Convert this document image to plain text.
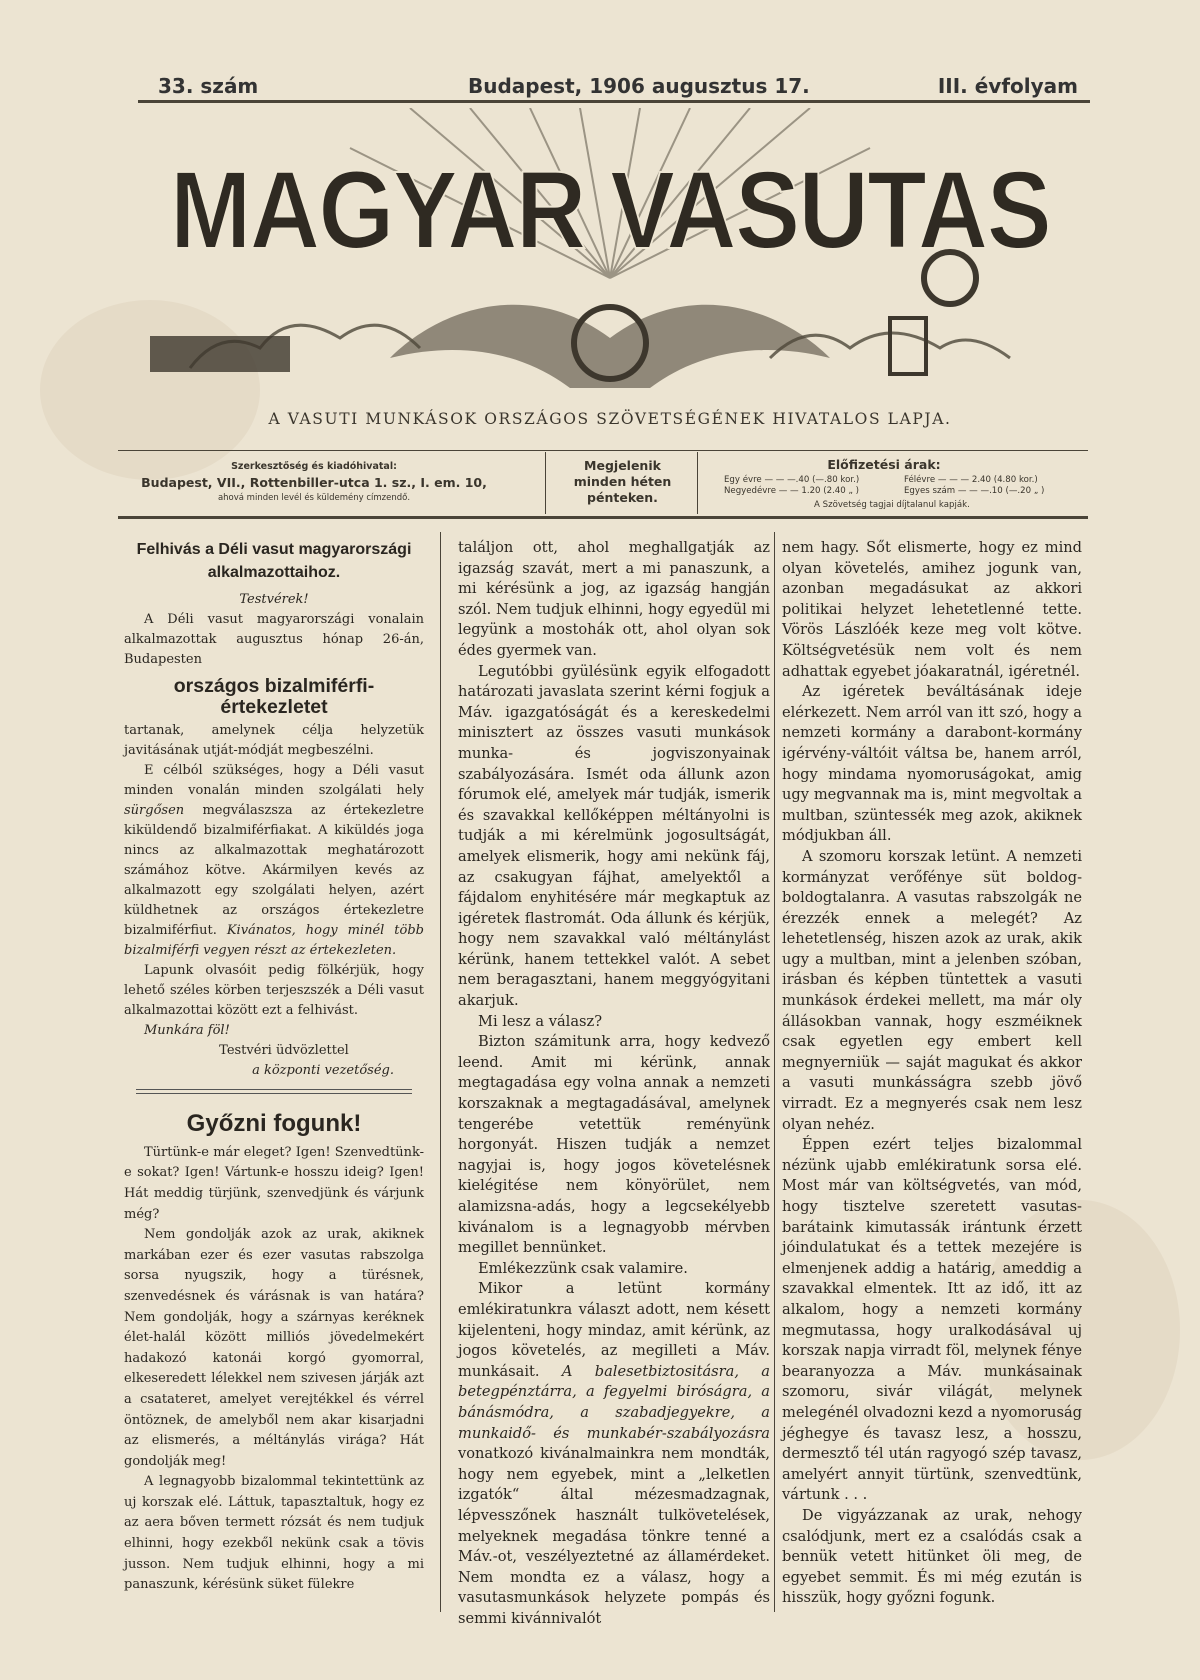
33. szám	Budapest, 1906 augusztus 17.	III. évfolyam
MAGYAR VASUTAS
A VASUTI MUNKÁSOK ORSZÁGOS SZÖVETSÉGÉNEK HIVATALOS LAPJA.
Szerkesztőség és kiadóhivatal:
Budapest, VII., Rottenbiller-utca 1. sz., I. em. 10,
ahová minden levél és küldemény címzendő.
Megjelenik
minden héten
pénteken.
Előfizetési árak:
Egy évre — — —.40 (—.80 kor.)
Negyedévre — — 1.20 (2.40 „ )
Félévre — — — 2.40 (4.80 kor.)
Egyes szám — — —.10 (—.20 „ )
A Szövetség tagjai díjtalanul kapják.
Felhivás a Déli vasut magyarországi alkalmazottaihoz.

Testvérek!

A Déli vasut magyarországi vonalain alkalmazottak augusztus hónap 26-án, Budapesten

országos bizalmiférfi-értekezletet

tartanak, amelynek célja helyzetük javitásának utját-módját megbeszélni.

E célból szükséges, hogy a Déli vasut minden vonalán minden szolgálati hely sürgősen megválaszsza az értekezletre kiküldendő bizalmiférfiakat. A kiküldés joga nincs az alkalmazottak meghatározott számához kötve. Akármilyen kevés az alkalmazott egy szolgálati helyen, azért küldhetnek az országos értekezletre bizalmiférfiut. Kivánatos, hogy minél több bizalmiférfi vegyen részt az értekezleten.

Lapunk olvasóit pedig fölkérjük, hogy lehető széles körben terjeszszék a Déli vasut alkalmazottai között ezt a felhivást.

Munkára föl!

Testvéri üdvözlettel

a központi vezetőség.

Győzni fogunk!

Türtünk-e már eleget? Igen! Szenvedtünk-e sokat? Igen! Vártunk-e hosszu ideig? Igen! Hát meddig türjünk, szenvedjünk és várjunk még?

Nem gondolják azok az urak, akiknek markában ezer és ezer vasutas rabszolga sorsa nyugszik, hogy a türésnek, szenvedésnek és várásnak is van határa? Nem gondolják, hogy a szárnyas keréknek élet-halál között milliós jövedelmekért hadakozó katonái korgó gyomorral, elkeseredett lélekkel nem szivesen járják azt a csatateret, amelyet verejtékkel és vérrel öntöznek, de amelyből nem akar kisarjadni az elismerés, a méltánylás virága? Hát gondolják meg!

A legnagyobb bizalommal tekintettünk az uj korszak elé. Láttuk, tapasztaltuk, hogy ez az aera bőven termett rózsát és nem tudjuk elhinni, hogy ezekből nekünk csak a tövis jusson. Nem tudjuk elhinni, hogy a mi panaszunk, kérésünk süket fülekre

találjon ott, ahol meghallgatják az igazság szavát, mert a mi panaszunk, a mi kérésünk a jog, az igazság hangján szól. Nem tudjuk elhinni, hogy egyedül mi legyünk a mostohák ott, ahol olyan sok édes gyermek van.

Legutóbbi gyülésünk egyik elfogadott határozati javaslata szerint kérni fogjuk a Máv. igazgatóságát és a kereskedelmi minisztert az összes vasuti munkások munka- és jogviszonyainak szabályozására. Ismét oda állunk azon fórumok elé, amelyek már tudják, ismerik és szavakkal kellőképpen méltányolni is tudják a mi kérelmünk jogosultságát, amelyek elismerik, hogy ami nekünk fáj, az csakugyan fájhat, amelyektől a fájdalom enyhitésére már megkaptuk az igéretek flastromát. Oda állunk és kérjük, hogy nem szavakkal való méltánylást kérünk, hanem tettekkel valót. A sebet nem beragasztani, hanem meggyógyitani akarjuk.

Mi lesz a válasz?

Bizton számitunk arra, hogy kedvező leend. Amit mi kérünk, annak megtagadása egy volna annak a nemzeti korszaknak a megtagadásával, amelynek tengerébe vetettük reményünk horgonyát. Hiszen tudják a nemzet nagyjai is, hogy jogos követelésnek kielégitése nem könyörület, nem alamizsna-adás, hogy a legcsekélyebb kivánalom is a legnagyobb mérvben megillet bennünket.

Emlékezzünk csak valamire.

Mikor a letünt kormány emlékiratunkra választ adott, nem késett kijelenteni, hogy mindaz, amit kérünk, az jogos követelés, az megilleti a Máv. munkásait. A balesetbiztositásra, a betegpénztárra, a fegyelmi biróságra, a bánásmódra, a szabadjegyekre, a munkaidő- és munkabér-szabályozásra vonatkozó kivánalmainkra nem mondták, hogy nem egyebek, mint a „lelketlen izgatók“ által mézesmadzagnak, lépvesszőnek használt tulkövetelések, melyeknek megadása tönkre tenné a Máv.-ot, veszélyeztetné az államérdeket. Nem mondta ez a válasz, hogy a vasutasmunkások helyzete pompás és semmi kivánnivalót

nem hagy. Sőt elismerte, hogy ez mind olyan követelés, amihez jogunk van, azonban megadásukat az akkori politikai helyzet lehetetlenné tette. Vörös Lászlóék keze meg volt kötve. Költségvetésük nem volt és nem adhattak egyebet jóakaratnál, igéretnél.

Az igéretek beváltásának ideje elérkezett. Nem arról van itt szó, hogy a nemzeti kormány a darabont-kormány igérvény-váltóit váltsa be, hanem arról, hogy mindama nyomoruságokat, amig ugy megvannak ma is, mint megvoltak a multban, szüntessék meg azok, akiknek módjukban áll.

A szomoru korszak letünt. A nemzeti kormányzat verőfénye süt boldog-boldogtalanra. A vasutas rabszolgák ne érezzék ennek a melegét? Az lehetetlenség, hiszen azok az urak, akik ugy a multban, mint a jelenben szóban, irásban és képben tüntettek a vasuti munkások érdekei mellett, ma már oly állásokban vannak, hogy eszméiknek csak egyetlen egy embert kell megnyerniük — saját magukat és akkor a vasuti munkásságra szebb jövő virradt. Ez a megnyerés csak nem lesz olyan nehéz.

Éppen ezért teljes bizalommal nézünk ujabb emlékiratunk sorsa elé. Most már van költségvetés, van mód, hogy tisztelve szeretett vasutas-barátaink kimutassák irántunk érzett jóindulatukat és a tettek mezejére is elmenjenek addig a határig, ameddig a szavakkal elmentek. Itt az idő, itt az alkalom, hogy a nemzeti kormány megmutassa, hogy uralkodásával uj korszak napja virradt föl, melynek fénye bearanyozza a Máv. munkásainak szomoru, sivár világát, melynek melegénél olvadozni kezd a nyomoruság jéghegye és tavasz lesz, a hosszu, dermesztő tél után ragyogó szép tavasz, amelyért annyit türtünk, szenvedtünk, vártunk . . .

De vigyázzanak az urak, nehogy csalódjunk, mert ez a csalódás csak a bennük vetett hitünket öli meg, de egyebet semmit. És mi még ezután is hisszük, hogy győzni fogunk.
